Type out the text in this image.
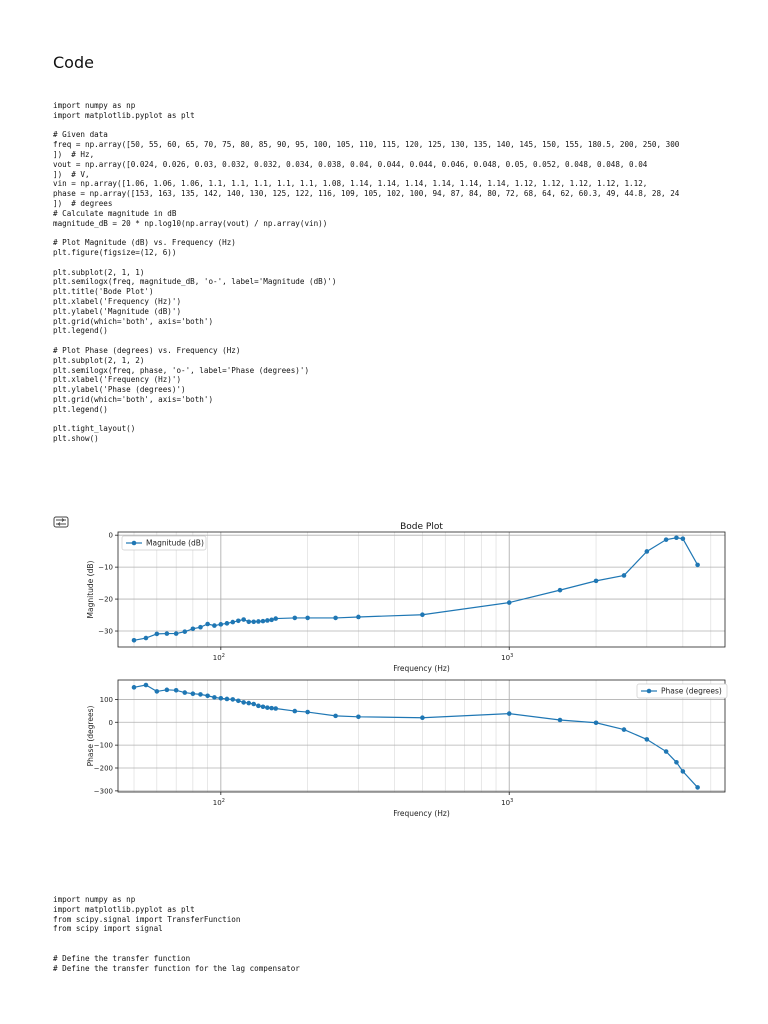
Code
import numpy as np
import matplotlib.pyplot as plt

# Given data
freq = np.array([50, 55, 60, 65, 70, 75, 80, 85, 90, 95, 100, 105, 110, 115, 120, 125, 130, 135, 140, 145, 150, 155, 180.5, 200, 250, 300
])  # Hz,
vout = np.array([0.024, 0.026, 0.03, 0.032, 0.032, 0.034, 0.038, 0.04, 0.044, 0.044, 0.046, 0.048, 0.05, 0.052, 0.048, 0.048, 0.04
])  # V,
vin = np.array([1.06, 1.06, 1.06, 1.1, 1.1, 1.1, 1.1, 1.1, 1.08, 1.14, 1.14, 1.14, 1.14, 1.14, 1.14, 1.12, 1.12, 1.12, 1.12, 1.12,
phase = np.array([153, 163, 135, 142, 140, 130, 125, 122, 116, 109, 105, 102, 100, 94, 87, 84, 80, 72, 68, 64, 62, 60.3, 49, 44.8, 28, 24
])  # degrees
# Calculate magnitude in dB
magnitude_dB = 20 * np.log10(np.array(vout) / np.array(vin))

# Plot Magnitude (dB) vs. Frequency (Hz)
plt.figure(figsize=(12, 6))

plt.subplot(2, 1, 1)
plt.semilogx(freq, magnitude_dB, 'o-', label='Magnitude (dB)')
plt.title('Bode Plot')
plt.xlabel('Frequency (Hz)')
plt.ylabel('Magnitude (dB)')
plt.grid(which='both', axis='both')
plt.legend()

# Plot Phase (degrees) vs. Frequency (Hz)
plt.subplot(2, 1, 2)
plt.semilogx(freq, phase, 'o-', label='Phase (degrees)')
plt.xlabel('Frequency (Hz)')
plt.ylabel('Phase (degrees)')
plt.grid(which='both', axis='both')
plt.legend()

plt.tight_layout()
plt.show()

0
−10
−20
−30
$10^2$	$10^3$
Frequency (Hz)
Magnitude (dB)
Bode Plot
Magnitude (dB)
100
0
−100
−200
−300
$10^2$	$10^3$
Frequency (Hz)
Phase (degrees)
Phase (degrees)
import numpy as np
import matplotlib.pyplot as plt
from scipy.signal import TransferFunction
from scipy import signal

# Define the transfer function
# Define the transfer function for the lag compensator
